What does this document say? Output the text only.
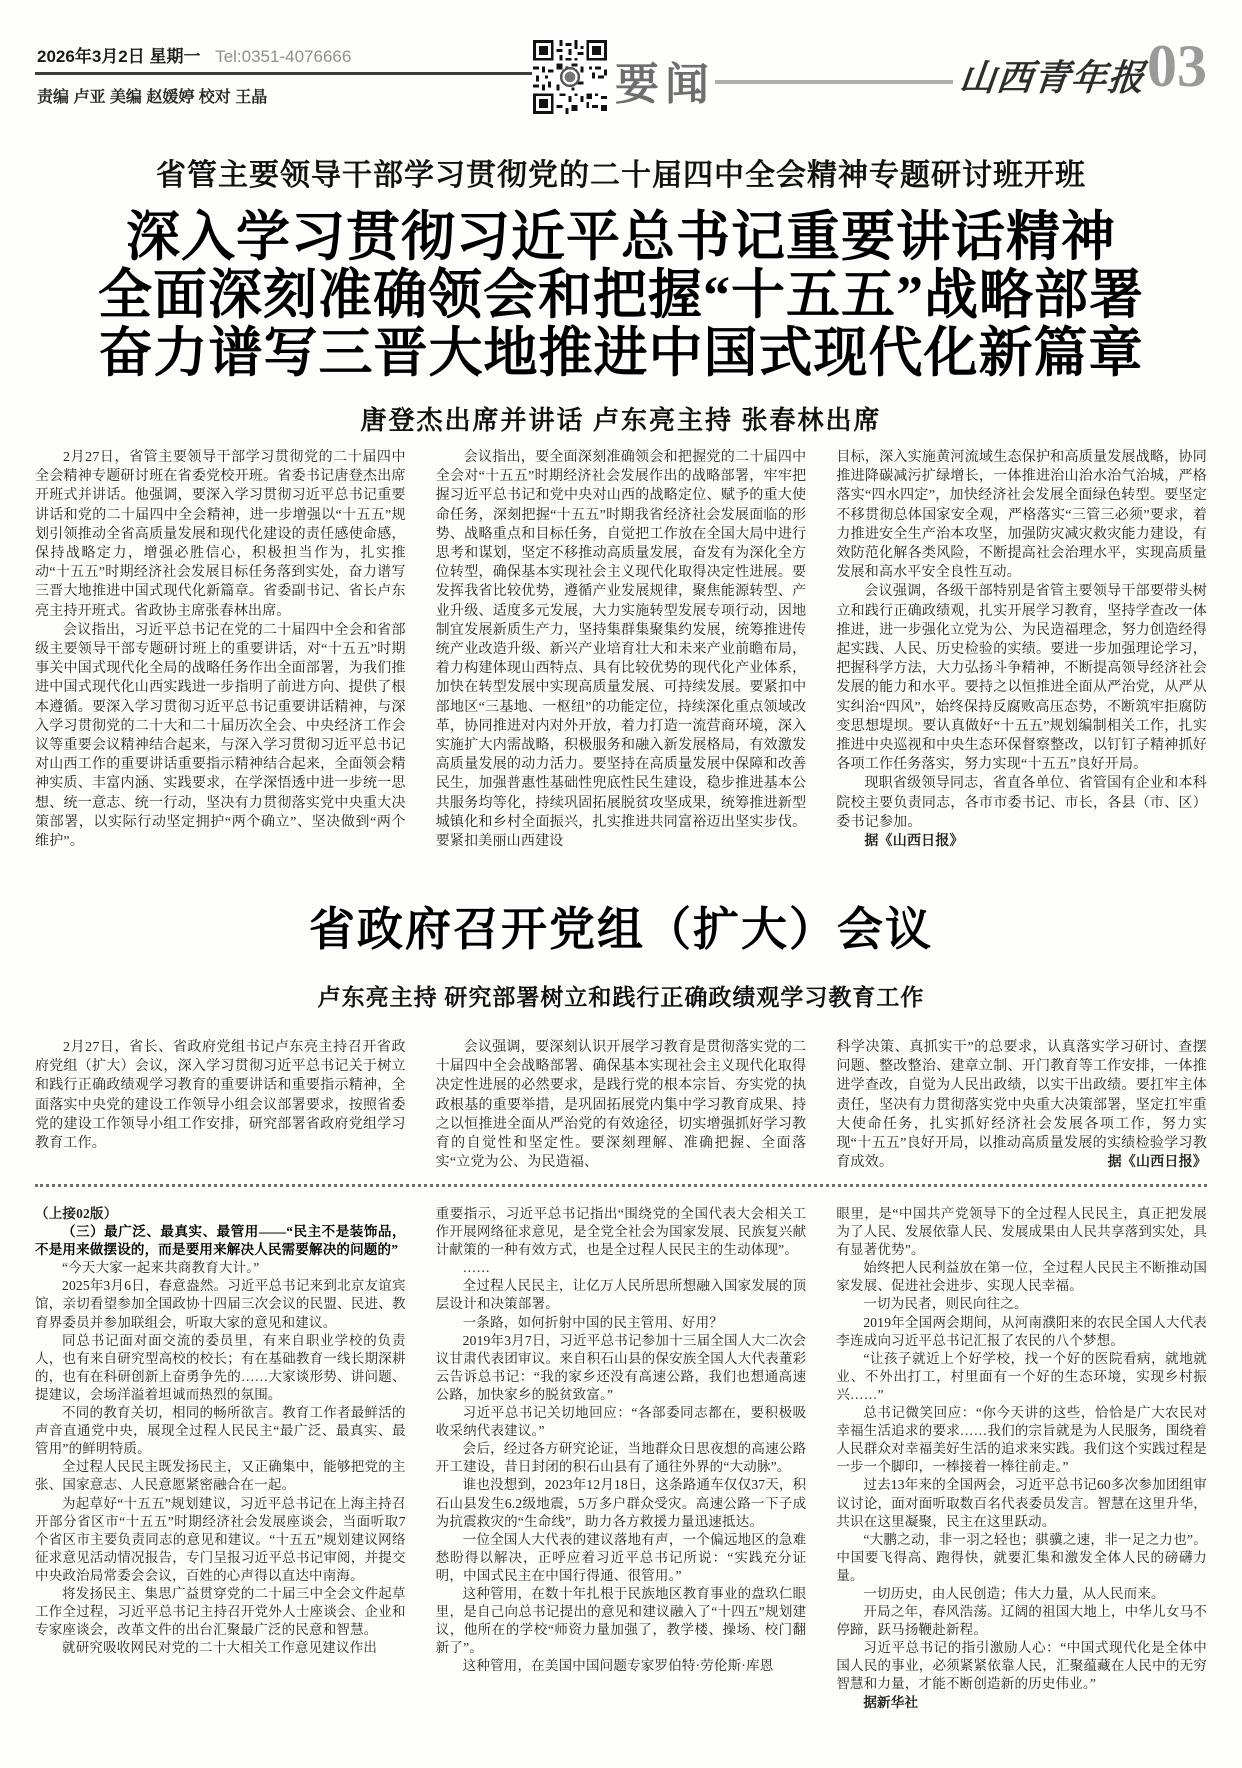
2026年3月2日 星期一 Tel:0351-4076666
责编 卢亚 美编 赵媛婷 校对 王晶	要闻	山西青年报 03
省管主要领导干部学习贯彻党的二十届四中全会精神专题研讨班开班
深入学习贯彻习近平总书记重要讲话精神
全面深刻准确领会和把握“十五五”战略部署
奋力谱写三晋大地推进中国式现代化新篇章
唐登杰出席并讲话 卢东亮主持 张春林出席

2月27日，省管主要领导干部学习贯彻党的二十届四中全会精神专题研讨班在省委党校开班。省委书记唐登杰出席开班式并讲话。他强调，要深入学习贯彻习近平总书记重要讲话和党的二十届四中全会精神，进一步增强以“十五五”规划引领推动全省高质量发展和现代化建设的责任感使命感，保持战略定力，增强必胜信心，积极担当作为，扎实推动“十五五”时期经济社会发展目标任务落到实处，奋力谱写三晋大地推进中国式现代化新篇章。省委副书记、省长卢东亮主持开班式。省政协主席张春林出席。

会议指出，习近平总书记在党的二十届四中全会和省部级主要领导干部专题研讨班上的重要讲话，对“十五五”时期事关中国式现代化全局的战略任务作出全面部署，为我们推进中国式现代化山西实践进一步指明了前进方向、提供了根本遵循。要深入学习贯彻习近平总书记重要讲话精神，与深入学习贯彻党的二十大和二十届历次全会、中央经济工作会议等重要会议精神结合起来，与深入学习贯彻习近平总书记对山西工作的重要讲话重要指示精神结合起来，全面领会精神实质、丰富内涵、实践要求，在学深悟透中进一步统一思想、统一意志、统一行动，坚决有力贯彻落实党中央重大决策部署，以实际行动坚定拥护“两个确立”、坚决做到“两个维护”。

会议指出，要全面深刻准确领会和把握党的二十届四中全会对“十五五”时期经济社会发展作出的战略部署，牢牢把握习近平总书记和党中央对山西的战略定位、赋予的重大使命任务，深刻把握“十五五”时期我省经济社会发展面临的形势、战略重点和目标任务，自觉把工作放在全国大局中进行思考和谋划，坚定不移推动高质量发展，奋发有为深化全方位转型，确保基本实现社会主义现代化取得决定性进展。要发挥我省比较优势，遵循产业发展规律，聚焦能源转型、产业升级、适度多元发展，大力实施转型发展专项行动，因地制宜发展新质生产力，坚持集群集聚集约发展，统筹推进传统产业改造升级、新兴产业培育壮大和未来产业前瞻布局，着力构建体现山西特点、具有比较优势的现代化产业体系，加快在转型发展中实现高质量发展、可持续发展。要紧扣中部地区“三基地、一枢纽”的功能定位，持续深化重点领域改革，协同推进对内对外开放，着力打造一流营商环境，深入实施扩大内需战略，积极服务和融入新发展格局，有效激发高质量发展的动力活力。要坚持在高质量发展中保障和改善民生，加强普惠性基础性兜底性民生建设，稳步推进基本公共服务均等化，持续巩固拓展脱贫攻坚成果，统筹推进新型城镇化和乡村全面振兴，扎实推进共同富裕迈出坚实步伐。要紧扣美丽山西建设

目标，深入实施黄河流域生态保护和高质量发展战略，协同推进降碳减污扩绿增长，一体推进治山治水治气治城，严格落实“四水四定”，加快经济社会发展全面绿色转型。要坚定不移贯彻总体国家安全观，严格落实“三管三必须”要求，着力推进安全生产治本攻坚，加强防灾减灾救灾能力建设，有效防范化解各类风险，不断提高社会治理水平，实现高质量发展和高水平安全良性互动。

会议强调，各级干部特别是省管主要领导干部要带头树立和践行正确政绩观，扎实开展学习教育，坚持学查改一体推进，进一步强化立党为公、为民造福理念，努力创造经得起实践、人民、历史检验的实绩。要进一步加强理论学习，把握科学方法，大力弘扬斗争精神，不断提高领导经济社会发展的能力和水平。要持之以恒推进全面从严治党，从严从实纠治“四风”，始终保持反腐败高压态势，不断筑牢拒腐防变思想堤坝。要认真做好“十五五”规划编制相关工作，扎实推进中央巡视和中央生态环保督察整改，以钉钉子精神抓好各项工作任务落实，努力实现“十五五”良好开局。

现职省级领导同志，省直各单位、省管国有企业和本科院校主要负责同志，各市市委书记、市长，各县（市、区）委书记参加。

据《山西日报》

省政府召开党组（扩大）会议
卢东亮主持 研究部署树立和践行正确政绩观学习教育工作

2月27日，省长、省政府党组书记卢东亮主持召开省政府党组（扩大）会议，深入学习贯彻习近平总书记关于树立和践行正确政绩观学习教育的重要讲话和重要指示精神，全面落实中央党的建设工作领导小组会议部署要求，按照省委党的建设工作领导小组工作安排，研究部署省政府党组学习教育工作。

会议强调，要深刻认识开展学习教育是贯彻落实党的二十届四中全会战略部署、确保基本实现社会主义现代化取得决定性进展的必然要求，是践行党的根本宗旨、夯实党的执政根基的重要举措，是巩固拓展党内集中学习教育成果、持之以恒推进全面从严治党的有效途径，切实增强抓好学习教育的自觉性和坚定性。要深刻理解、准确把握、全面落实“立党为公、为民造福、

科学决策、真抓实干”的总要求，认真落实学习研讨、查摆问题、整改整治、建章立制、开门教育等工作安排，一体推进学查改，自觉为人民出政绩，以实干出政绩。要扛牢主体责任，坚决有力贯彻落实党中央重大决策部署，坚定扛牢重大使命任务，扎实抓好经济社会发展各项工作，努力实现“十五五”良好开局，以推动高质量发展的实绩检验学习教育成效。	据《山西日报》

（上接02版）

（三）最广泛、最真实、最管用——“民主不是装饰品，不是用来做摆设的，而是要用来解决人民需要解决的问题的”

“今天大家一起来共商教育大计。”

2025年3月6日，春意盎然。习近平总书记来到北京友谊宾馆，亲切看望参加全国政协十四届三次会议的民盟、民进、教育界委员并参加联组会，听取大家的意见和建议。

同总书记面对面交流的委员里，有来自职业学校的负责人，也有来自研究型高校的校长；有在基础教育一线长期深耕的，也有在科研创新上奋勇争先的……大家谈形势、讲问题、提建议，会场洋溢着坦诚而热烈的氛围。

不同的教育关切，相同的畅所欲言。教育工作者最鲜活的声音直通党中央，展现全过程人民民主“最广泛、最真实、最管用”的鲜明特质。

全过程人民民主既发扬民主，又正确集中，能够把党的主张、国家意志、人民意愿紧密融合在一起。

为起草好“十五五”规划建议，习近平总书记在上海主持召开部分省区市“十五五”时期经济社会发展座谈会，当面听取7个省区市主要负责同志的意见和建议。“十五五”规划建议网络征求意见活动情况报告，专门呈报习近平总书记审阅，并提交中央政治局常委会会议，百姓的心声得以直达中南海。

将发扬民主、集思广益贯穿党的二十届三中全会文件起草工作全过程，习近平总书记主持召开党外人士座谈会、企业和专家座谈会，改革文件的出台汇聚最广泛的民意和智慧。

就研究吸收网民对党的二十大相关工作意见建议作出

重要指示，习近平总书记指出“围绕党的全国代表大会相关工作开展网络征求意见，是全党全社会为国家发展、民族复兴献计献策的一种有效方式，也是全过程人民民主的生动体现”。

……

全过程人民民主，让亿万人民所思所想融入国家发展的顶层设计和决策部署。

一条路，如何折射中国的民主管用、好用？

2019年3月7日，习近平总书记参加十三届全国人大二次会议甘肃代表团审议。来自积石山县的保安族全国人大代表董彩云告诉总书记：“我的家乡还没有高速公路，我们也想通高速公路，加快家乡的脱贫致富。”

习近平总书记关切地回应：“各部委同志都在，要积极吸收采纳代表建议。”

会后，经过各方研究论证，当地群众日思夜想的高速公路开工建设，昔日封闭的积石山县有了通往外界的“大动脉”。

谁也没想到，2023年12月18日，这条路通车仅仅37天，积石山县发生6.2级地震，5万多户群众受灾。高速公路一下子成为抗震救灾的“生命线”，助力各方救援力量迅速抵达。

一位全国人大代表的建议落地有声，一个偏远地区的急难愁盼得以解决，正呼应着习近平总书记所说：“实践充分证明，中国式民主在中国行得通、很管用。”

这种管用，在数十年扎根于民族地区教育事业的盘玖仁眼里，是自己向总书记提出的意见和建议融入了“十四五”规划建议，他所在的学校“师资力量加强了，教学楼、操场、校门翻新了”。

这种管用，在美国中国问题专家罗伯特·劳伦斯·库恩

眼里，是“中国共产党领导下的全过程人民民主，真正把发展为了人民、发展依靠人民、发展成果由人民共享落到实处，具有显著优势”。

始终把人民利益放在第一位，全过程人民民主不断推动国家发展、促进社会进步、实现人民幸福。

一切为民者，则民向往之。

2019年全国两会期间，从河南濮阳来的农民全国人大代表李连成向习近平总书记汇报了农民的八个梦想。

“让孩子就近上个好学校，找一个好的医院看病，就地就业、不外出打工，村里面有一个好的生态环境，实现乡村振兴……”

总书记微笑回应：“你今天讲的这些，恰恰是广大农民对幸福生活追求的要求……我们的宗旨就是为人民服务，围绕着人民群众对幸福美好生活的追求来实践。我们这个实践过程是一步一个脚印，一棒接着一棒往前走。”

过去13年来的全国两会，习近平总书记60多次参加团组审议讨论，面对面听取数百名代表委员发言。智慧在这里升华，共识在这里凝聚，民主在这里跃动。

“大鹏之动，非一羽之轻也；骐骥之速，非一足之力也”。中国要飞得高、跑得快，就要汇集和激发全体人民的磅礴力量。

一切历史，由人民创造；伟大力量，从人民而来。

开局之年，春风浩荡。辽阔的祖国大地上，中华儿女马不停蹄，跃马扬鞭赴新程。

习近平总书记的指引激励人心：“中国式现代化是全体中国人民的事业，必须紧紧依靠人民，汇聚蕴藏在人民中的无穷智慧和力量，才能不断创造新的历史伟业。”

据新华社
